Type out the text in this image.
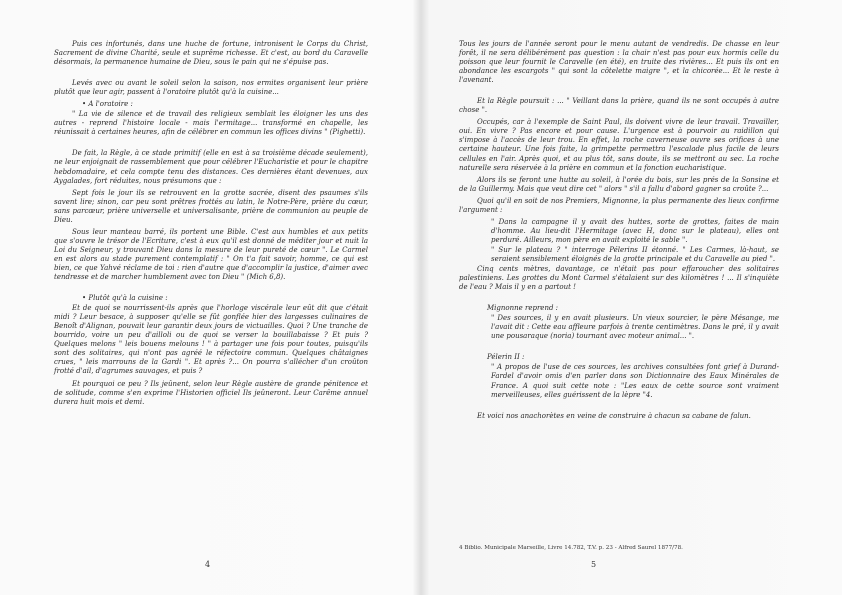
Puis ces infortunés, dans une huche de fortune, intronisent le Corps du Christ, Sacrement de divine Charité, seule et suprême richesse. Et c'est, au bord du Caravelle désormais, la permanence humaine de Dieu, sous le pain qui ne s'épuise pas.

Levés avec ou avant le soleil selon la saison, nos ermites organisent leur prière plutôt que leur agir, passent à l'oratoire plutôt qu'à la cuisine...

• A l'oratoire :

" La vie de silence et de travail des religieux semblait les éloigner les uns des autres - reprend l'histoire locale - mais l'ermitage... transformé en chapelle, les réunissait à certaines heures, afin de célébrer en commun les offices divins " (Pighetti).

De fait, la Règle, à ce stade primitif (elle en est à sa troisième décade seulement), ne leur enjoignait de rassemblement que pour célébrer l'Eucharistie et pour le chapitre hebdomadaire, et cela compte tenu des distances. Ces dernières étant devenues, aux Aygalades, fort réduites, nous présumons que :

Sept fois le jour ils se retrouvent en la grotte sacrée, disent des psaumes s'ils savent lire; sinon, car peu sont prêtres frottés au latin, le Notre-Père, prière du cœur, sans parcœur, prière universelle et universalisante, prière de communion au peuple de Dieu.

Sous leur manteau barré, ils portent une Bible. C'est aux humbles et aux petits que s'ouvre le trésor de l'Ecriture, c'est à eux qu'il est donné de méditer jour et nuit la Loi du Seigneur, y trouvant Dieu dans la mesure de leur pureté de cœur ". Le Carmel en est alors au stade purement contemplatif : " On t'a fait savoir, homme, ce qui est bien, ce que Yahvé réclame de toi : rien d'autre que d'accomplir la justice, d'aimer avec tendresse et de marcher humblement avec ton Dieu " (Mich 6,8).

• Plutôt qu'à la cuisine :

Et de quoi se nourrissent-ils après que l'horloge viscérale leur eût dit que c'était midi ? Leur besace, à supposer qu'elle se fût gonflée hier des largesses culinaires de Benoît d'Alignan, pouvait leur garantir deux jours de victuailles. Quoi ? Une tranche de bourrido, voire un peu d'ailloli ou de quoi se verser la bouillabaisse ? Et puis ? Quelques melons " leis bouens melouns ! " à partager une fois pour toutes, puisqu'ils sont des solitaires, qui n'ont pas agréé le réfectoire commun. Quelques châtaignes crues, " leis marrouns de la Gardi ". Et après ?... On pourra s'allécher d'un croûton frotté d'ail, d'agrumes sauvages, et puis ?

Et pourquoi ce peu ? Ils jeûnent, selon leur Règle austère de grande pénitence et de solitude, comme s'en exprime l'Historien officiel Ils jeûneront. Leur Carême annuel durera huit mois et demi.

4

Tous les jours de l'année seront pour le menu autant de vendredis. De chasse en leur forêt, il ne sera délibérément pas question : la chair n'est pas pour eux hormis celle du poisson que leur fournit le Caravelle (en été), en truite des rivières... Et puis ils ont en abondance les escargots " qui sont la côtelette maigre ", et la chicorée... Et le reste à l'avenant.

Et la Règle poursuit : ... " Veillant dans la prière, quand ils ne sont occupés à autre chose ".

Occupés, car à l'exemple de Saint Paul, ils doivent vivre de leur travail. Travailler, oui. En vivre ? Pas encore et pour cause. L'urgence est à pourvoir au raidillon qui s'impose à l'accès de leur trou. En effet, la roche caverneuse ouvre ses orifices à une certaine hauteur. Une fois faite, la grimpette permettra l'escalade plus facile de leurs cellules en l'air. Après quoi, et au plus tôt, sans doute, ils se mettront au sec. La roche naturelle sera réservée à la prière en commun et la fonction eucharistique.

Alors ils se feront une hutte au soleil, à l'orée du bois, sur les prés de la Sonsine et de la Guillermy. Mais que veut dire cet " alors " s'il a fallu d'abord gagner sa croûte ?...

Quoi qu'il en soit de nos Premiers, Mignonne, la plus permanente des lieux confirme l'argument :

" Dans la campagne il y avait des huttes, sorte de grottes, faites de main d'homme. Au lieu-dit l'Hermitage (avec H, donc sur le plateau), elles ont perduré. Ailleurs, mon père en avait exploité le sable ".

" Sur le plateau ? " interroge Pélerins II étonné. " Les Carmes, là-haut, se seraient sensiblement éloignés de la grotte principale et du Caravelle au pied ".

Cinq cents mètres, davantage, ce n'était pas pour effaroucher des solitaires palestiniens. Les grottes du Mont Carmel s'étalaient sur des kilomètres ! ... Il s'inquiète de l'eau ? Mais il y en a partout !

Mignonne reprend :

" Des sources, il y en avait plusieurs. Un vieux sourcier, le père Mésange, me l'avait dit : Cette eau affleure parfois à trente centimètres. Dans le pré, il y avait une pousaraque (noria) tournant avec moteur animal... ".

Pélerin II :

" A propos de l'use de ces sources, les archives consultées font grief à Durand-Fardel d'avoir omis d'en parler dans son Dictionnaire des Eaux Minérales de France. A quoi suit cette note : "Les eaux de cette source sont vraiment merveilleuses, elles guérissent de la lèpre "4.

Et voici nos anachorètes en veine de construire à chacun sa cabane de falun.

4 Biblio. Municipale Marseille, Livre 14.782, T.V. p. 23 - Alfred Saurel 1877/78.
5
